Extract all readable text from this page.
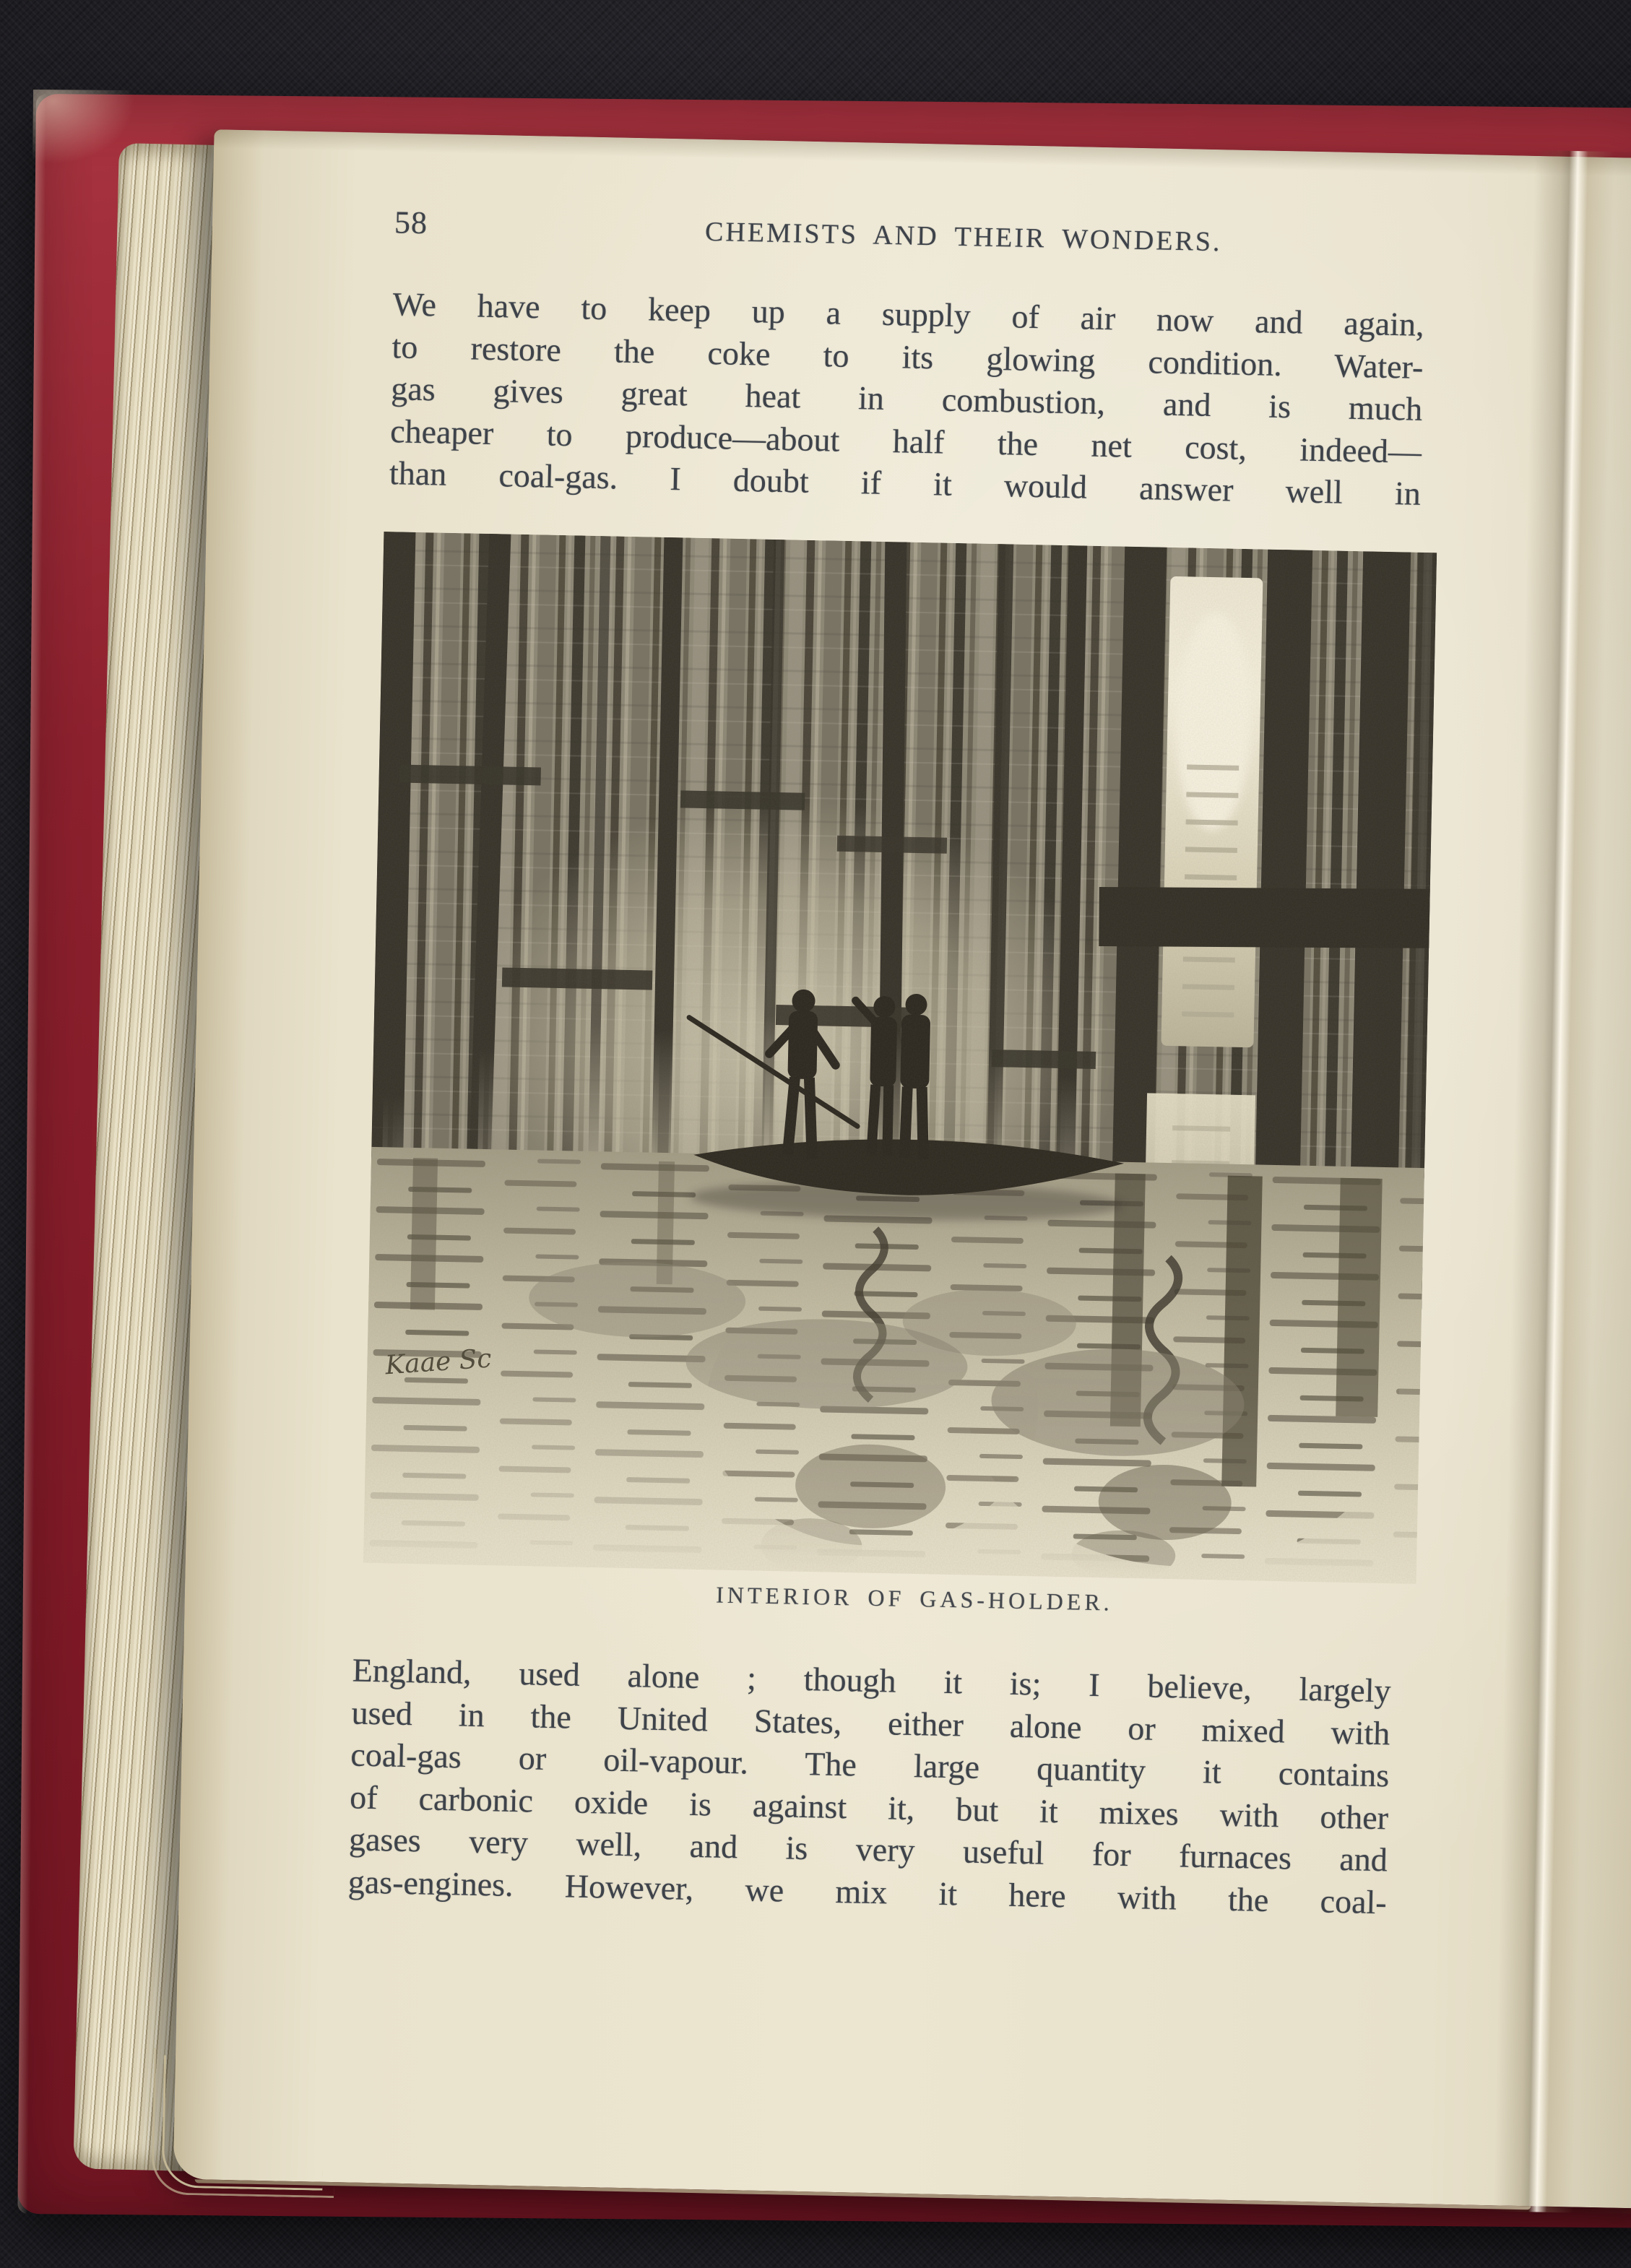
58	CHEMISTS AND THEIR WONDERS.
We have to keep up a supply of air now and again,
to restore the coke to its glowing condition. Water-
gas gives great heat in combustion, and is much
cheaper to produce—about half the net cost, indeed—
than coal-gas. I doubt if it would answer well in
Kaae Sc
INTERIOR OF GAS-HOLDER.
England, used alone ; though it is; I believe, largely
used in the United States, either alone or mixed with
coal-gas or oil-vapour. The large quantity it contains
of carbonic oxide is against it, but it mixes with other
gases very well, and is very useful for furnaces and
gas-engines. However, we mix it here with the coal-
